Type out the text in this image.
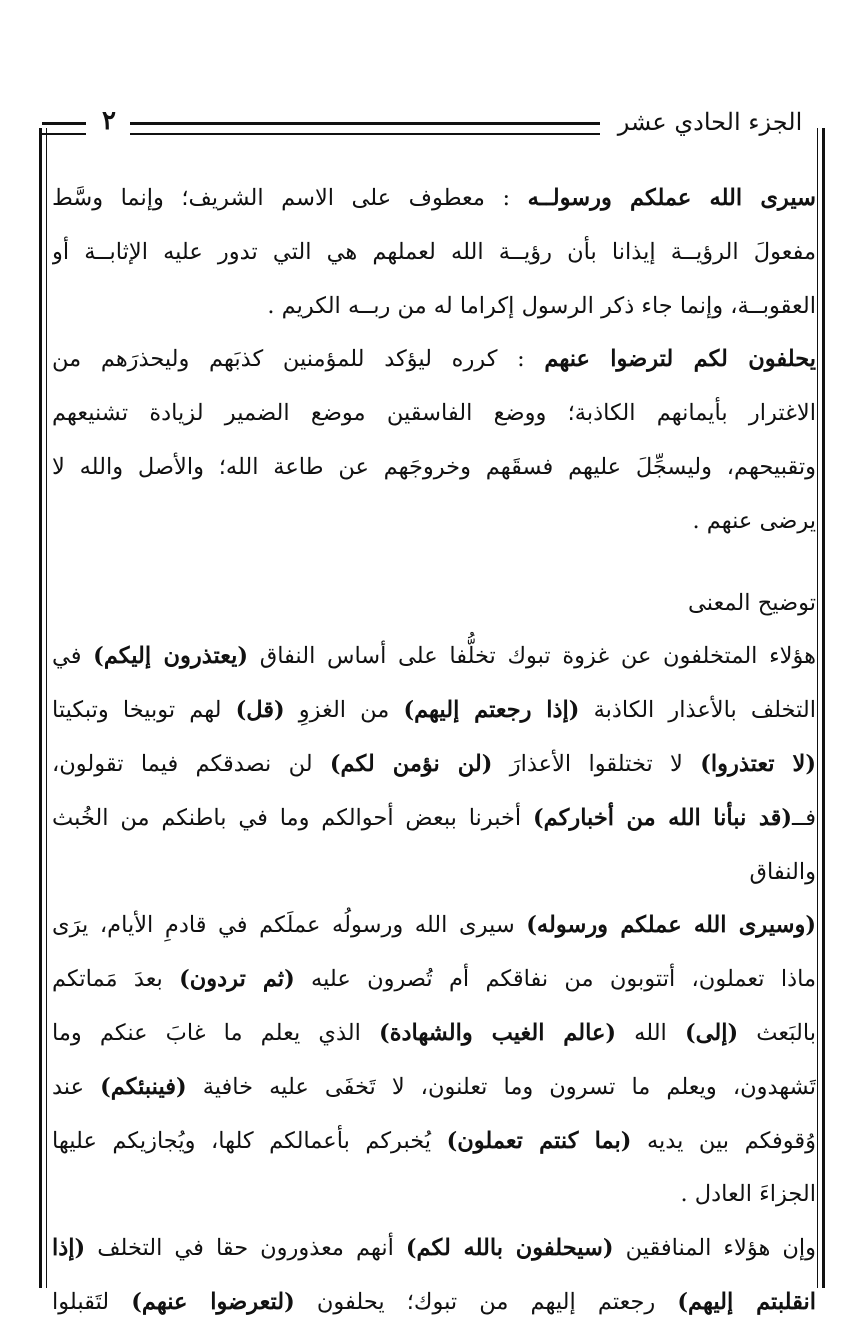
٢	الجزء الحادي عشر
سيرى الله عملكم ورسولــه : معطوف على الاسم الشريف؛ وإنما وسَّط
مفعولَ الرؤيــة إيذانا بأن رؤيــة الله لعملهم هي التي تدور عليه الإثابــة أو
العقوبــة، وإنما جاء ذكر الرسول إكراما له من ربــه الكريم .
يحلفون لكم لترضوا عنهم : كرره ليؤكد للمؤمنين كذبَهم وليحذرَهم من
الاغترار بأيمانهم الكاذبة؛ ووضع الفاسقين موضع الضمير لزيادة تشنيعهم
وتقبيحهم، وليسجِّلَ عليهم فسقَهم وخروجَهم عن طاعة الله؛ والأصل والله لا
يرضى عنهم .
توضيح المعنى
هؤلاء المتخلفون عن غزوة تبوك تخلُّفا على أساس النفاق (يعتذرون إليكم) في
التخلف بالأعذار الكاذبة (إذا رجعتم إليهم) من الغزوِ (قل) لهم توبيخا وتبكيتا
(لا تعتذروا) لا تختلقوا الأعذارَ (لن نؤمن لكم) لن نصدقكم فيما تقولون،
فــ(قد نبأنا الله من أخباركم) أخبرنا ببعض أحوالكم وما في باطنكم من الخُبث
والنفاق
(وسيرى الله عملكم ورسوله) سيرى الله ورسولُه عملَكم في قادمِ الأيام، يرَى
ماذا تعملون، أتتوبون من نفاقكم أم تُصرون عليه (ثم تردون) بعدَ مَماتكم
بالبَعث (إلى) الله (عالم الغيب والشهادة) الذي يعلم ما غابَ عنكم وما
تَشهدون، ويعلم ما تسرون وما تعلنون، لا تَخفَى عليه خافية (فينبئكم) عند
وُقوفكم بين يديه (بما كنتم تعملون) يُخبركم بأعمالكم كلها، ويُجازيكم عليها
الجزاءَ العادل .
وإن هؤلاء المنافقين (سيحلفون بالله لكم) أنهم معذورون حقا في التخلف (إذا
انقلبتم إليهم) رجعتم إليهم من تبوك؛ يحلفون (لتعرضوا عنهم) لتَقبلوا
